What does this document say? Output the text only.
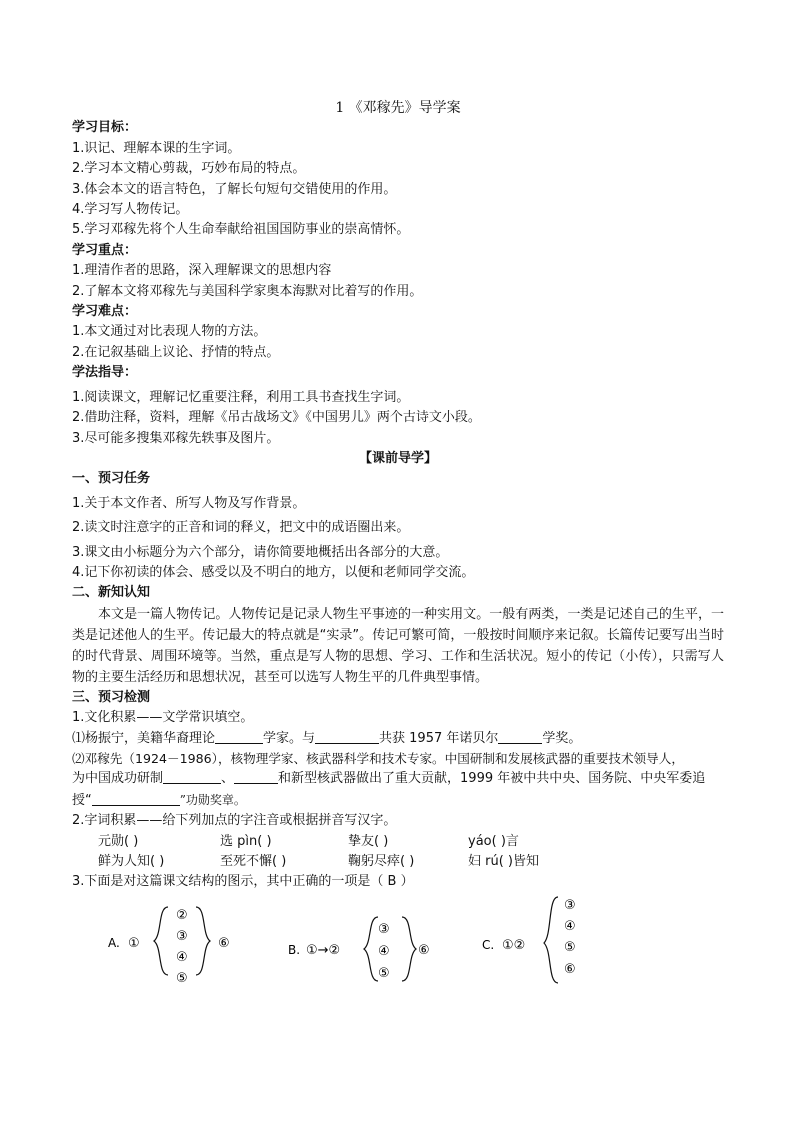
1 《邓稼先》导学案
学习目标：
1.识记、理解本课的生字词。
2.学习本文精心剪裁，巧妙布局的特点。
3.体会本文的语言特色，了解长句短句交错使用的作用。
4.学习写人物传记。
5.学习邓稼先将个人生命奉献给祖国国防事业的崇高情怀。
学习重点：
1.理清作者的思路，深入理解课文的思想内容
2.了解本文将邓稼先与美国科学家奥本海默对比着写的作用。
学习难点：
1.本文通过对比表现人物的方法。
2.在记叙基础上议论、抒情的特点。
学法指导：
1.阅读课文，理解记忆重要注释，利用工具书查找生字词。
2.借助注释，资料，理解《吊古战场文》《中国男儿》两个古诗文小段。
3.尽可能多搜集邓稼先轶事及图片。
【课前导学】
一、预习任务
1.关于本文作者、所写人物及写作背景。
2.读文时注意字的正音和词的释义，把文中的成语圈出来。
3.课文由小标题分为六个部分，请你简要地概括出各部分的大意。
4.记下你初读的体会、感受以及不明白的地方，以便和老师同学交流。
二、新知认知
本文是一篇人物传记。人物传记是记录人物生平事迹的一种实用文。一般有两类，一类是记述自己的生平，一类是记述他人的生平。传记最大的特点就是“实录”。传记可繁可简，一般按时间顺序来记叙。长篇传记要写出当时的时代背景、周围环境等。当然，重点是写人物的思想、学习、工作和生活状况。短小的传记（小传），只需写人物的主要生活经历和思想状况，甚至可以选写人物生平的几件典型事情。
三、预习检测
1.文化积累——文学常识填空。
⑴杨振宁，美籍华裔理论	学家。与	共获 1957 年诺贝尔	学奖。
⑵邓稼先（1924－1986），核物理学家、核武器科学和技术专家。中国研制和发展核武器的重要技术领导人，
为中国成功研制	、	和新型核武器做出了重大贡献，1999 年被中共中央、国务院、中央军委追
授“	”功勋奖章。
2.字词积累——给下列加点的字注音或根据拼音写汉字。
元勋( )	选 pìn( )	挚友( )	yáo( )言
鲜为人知( )	至死不懈( )	鞠躬尽瘁( )	妇 rú( )皆知
3.下面是对这篇课文结构的图示，其中正确的一项是（ B ）
A. ①
②
③
④
⑤
⑥	B. ①→②
③
④
⑤
⑥	C. ①②
③
④
⑤
⑥
